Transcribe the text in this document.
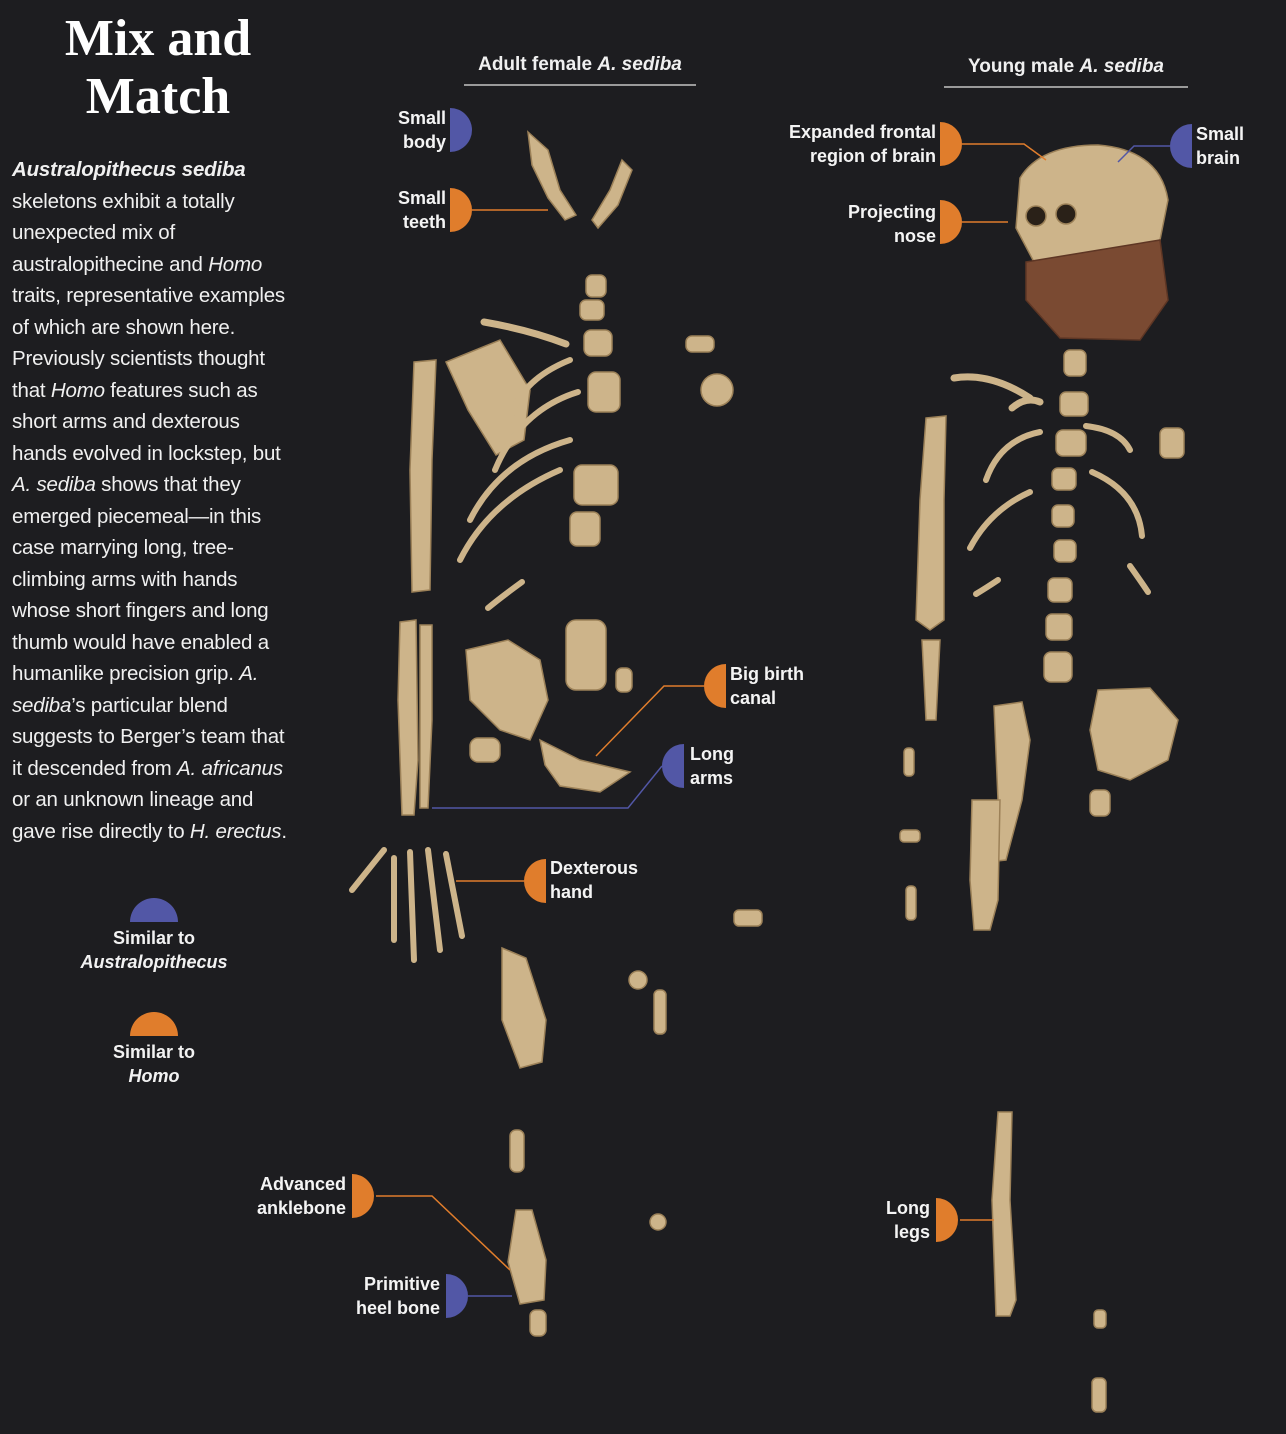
Mix and Match
Australopithecus sediba skeletons exhibit a totally unexpected mix of australopithecine and Homo traits, representative examples of which are shown here. Previously scientists thought that Homo features such as short arms and dexterous hands evolved in lockstep, but A. sediba shows that they emerged piecemeal—in this case marrying long, tree-climbing arms with hands whose short fingers and long thumb would have enabled a humanlike precision grip. A. sediba’s particular blend suggests to Berger’s team that it descended from A. africanus or an unknown lineage and gave rise directly to H. erectus.
Similar to
Australopithecus
Similar to
Homo
Adult female A. sediba	Young male A. sediba
Small
body
Small
teeth
Big birth
canal
Long
arms
Dexterous
hand
Advanced
anklebone
Primitive
heel bone
Expanded frontal
region of brain
Small
brain
Projecting
nose
Long
legs
